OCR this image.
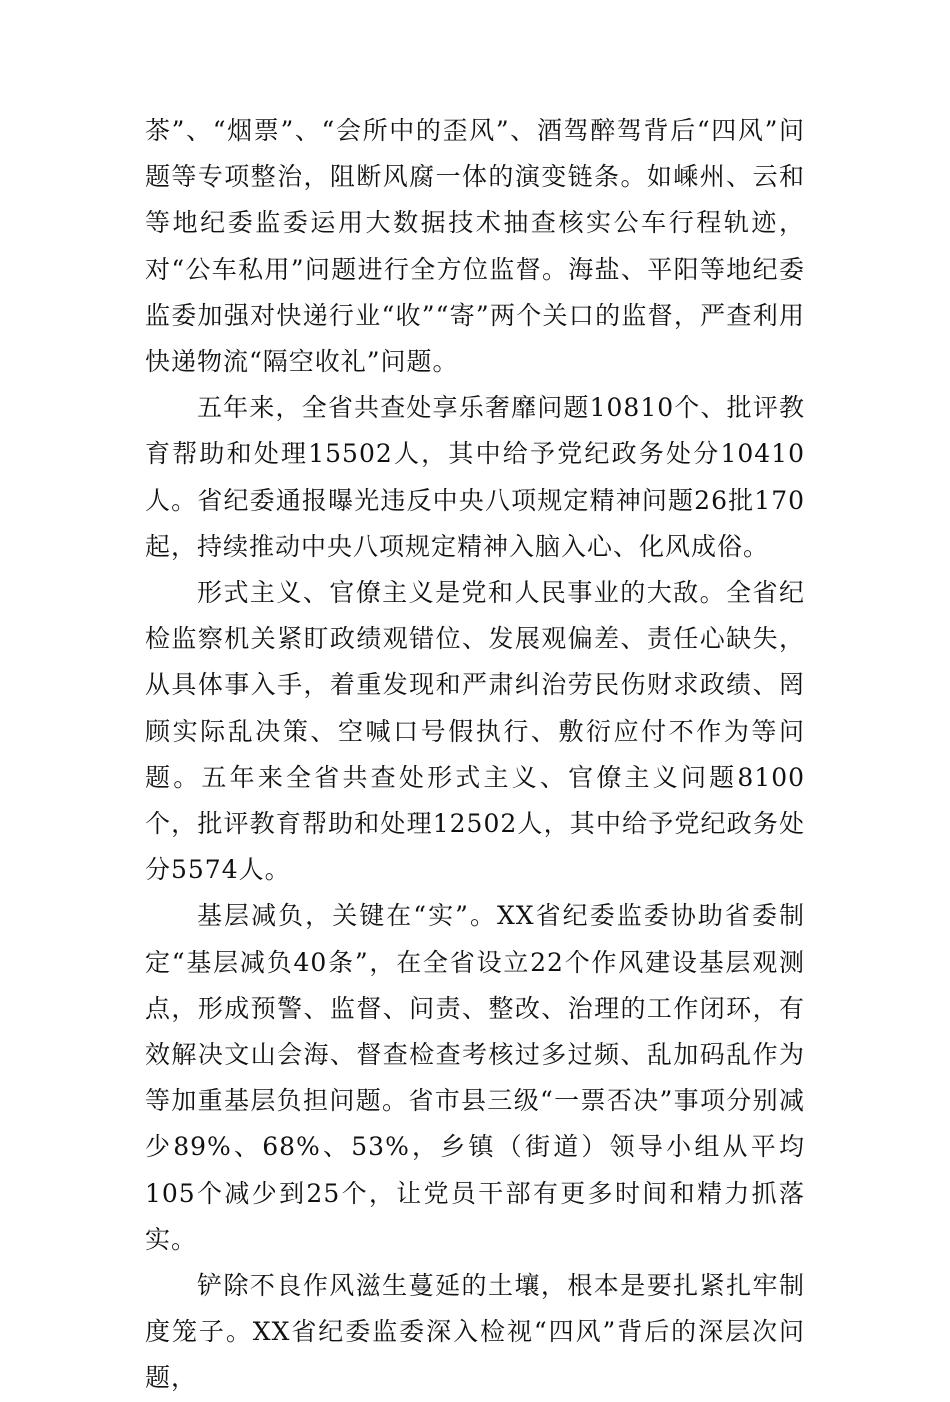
茶”、“烟票”、“会所中的歪风”、酒驾醉驾背后“四风”问题等专项整治，阻断风腐一体的演变链条。如嵊州、云和等地纪委监委运用大数据技术抽查核实公车行程轨迹，对“公车私用”问题进行全方位监督。海盐、平阳等地纪委监委加强对快递行业“收”“寄”两个关口的监督，严查利用快递物流“隔空收礼”问题。

五年来，全省共查处享乐奢靡问题10810个、批评教育帮助和处理15502人，其中给予党纪政务处分10410人。省纪委通报曝光违反中央八项规定精神问题26批170起，持续推动中央八项规定精神入脑入心、化风成俗。

形式主义、官僚主义是党和人民事业的大敌。全省纪检监察机关紧盯政绩观错位、发展观偏差、责任心缺失，从具体事入手，着重发现和严肃纠治劳民伤财求政绩、罔顾实际乱决策、空喊口号假执行、敷衍应付不作为等问题。五年来全省共查处形式主义、官僚主义问题8100个，批评教育帮助和处理12502人，其中给予党纪政务处分5574人。

基层减负，关键在“实”。XX省纪委监委协助省委制定“基层减负40条”，在全省设立22个作风建设基层观测点，形成预警、监督、问责、整改、治理的工作闭环，有效解决文山会海、督查检查考核过多过频、乱加码乱作为等加重基层负担问题。省市县三级“一票否决”事项分别减少89%、68%、53%，乡镇（街道）领导小组从平均105个减少到25个，让党员干部有更多时间和精力抓落实。

铲除不良作风滋生蔓延的土壤，根本是要扎紧扎牢制度笼子。XX省纪委监委深入检视“四风”背后的深层次问题，
